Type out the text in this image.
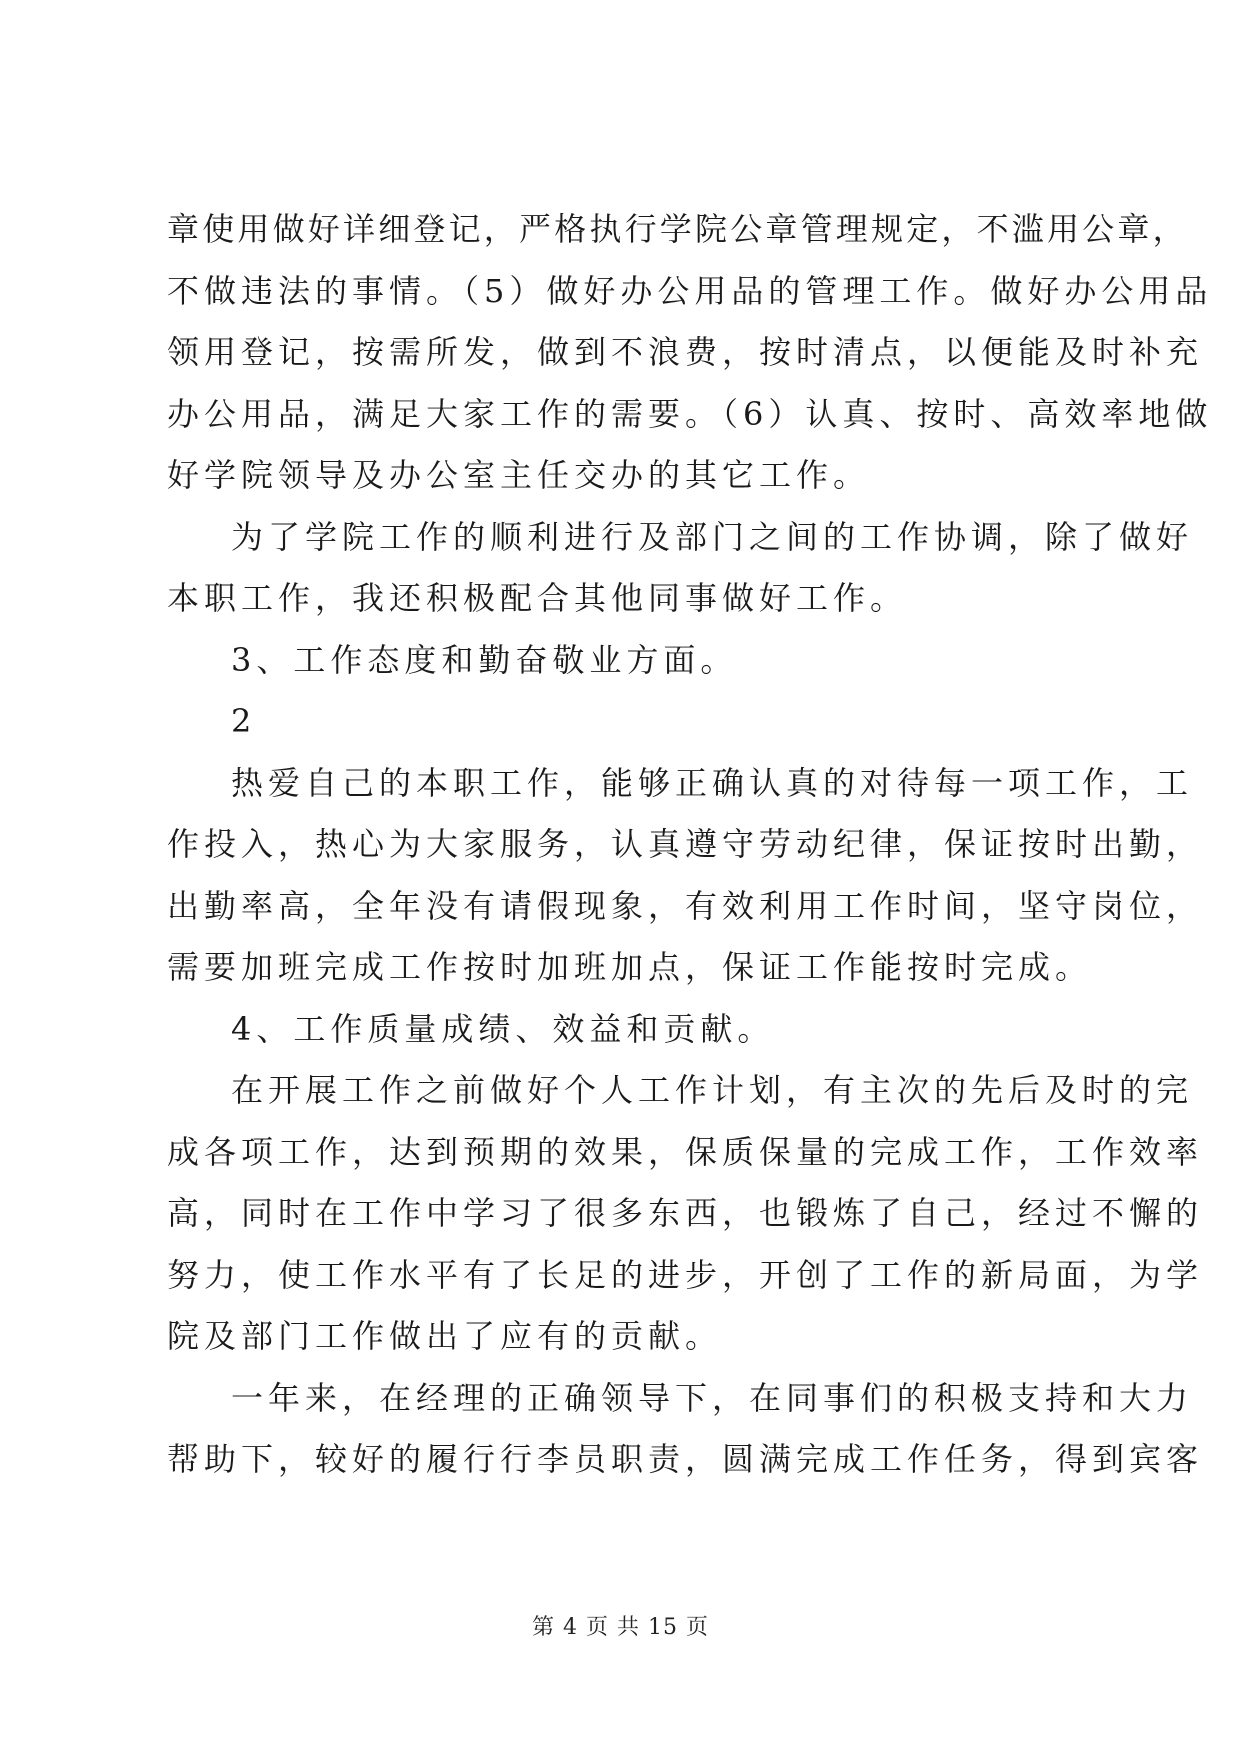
章使用做好详细登记，严格执行学院公章管理规定，不滥用公章，
不做违法的事情。（5）做好办公用品的管理工作。做好办公用品
领用登记，按需所发，做到不浪费，按时清点，以便能及时补充
办公用品，满足大家工作的需要。（6）认真、按时、高效率地做
好学院领导及办公室主任交办的其它工作。
为了学院工作的顺利进行及部门之间的工作协调，除了做好
本职工作，我还积极配合其他同事做好工作。
3、工作态度和勤奋敬业方面。
2
热爱自己的本职工作，能够正确认真的对待每一项工作，工
作投入，热心为大家服务，认真遵守劳动纪律，保证按时出勤，
出勤率高，全年没有请假现象，有效利用工作时间，坚守岗位，
需要加班完成工作按时加班加点，保证工作能按时完成。
4、工作质量成绩、效益和贡献。
在开展工作之前做好个人工作计划，有主次的先后及时的完
成各项工作，达到预期的效果，保质保量的完成工作，工作效率
高，同时在工作中学习了很多东西，也锻炼了自己，经过不懈的
努力，使工作水平有了长足的进步，开创了工作的新局面，为学
院及部门工作做出了应有的贡献。
一年来，在经理的正确领导下，在同事们的积极支持和大力
帮助下，较好的履行行李员职责，圆满完成工作任务，得到宾客
第 4 页 共 15 页
